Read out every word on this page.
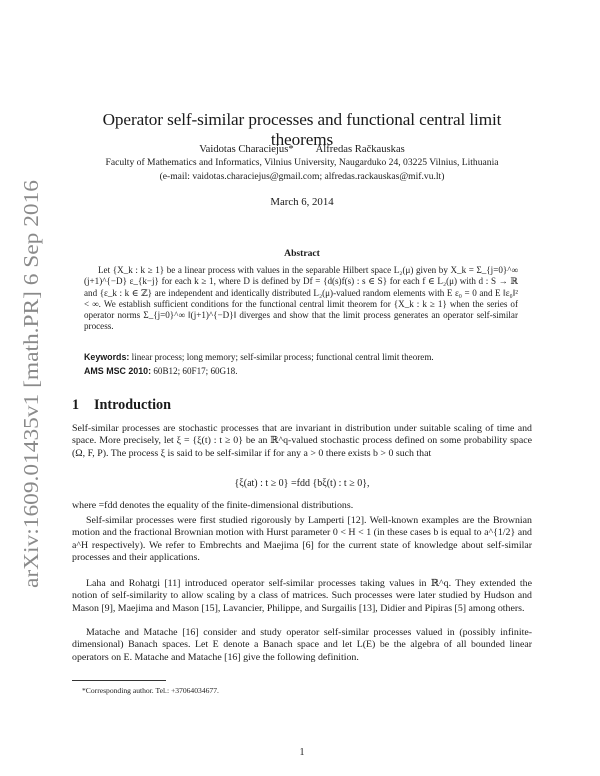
arXiv:1609.01435v1 [math.PR] 6 Sep 2016
Operator self-similar processes and functional central limit theorems
Vaidotas Characiejus* Alfredas Račkauskas
Faculty of Mathematics and Informatics, Vilnius University, Naugarduko 24, 03225 Vilnius, Lithuania
(e-mail: vaidotas.characiejus@gmail.com; alfredas.rackauskas@mif.vu.lt)
March 6, 2014
Abstract
Let {X_k : k ≥ 1} be a linear process with values in the separable Hilbert space L₂(μ) given by X_k = Σ_{j=0}^∞ (j+1)^{−D} ε_{k−j} for each k ≥ 1, where D is defined by Df = {d(s)f(s) : s ∈ S} for each f ∈ L₂(μ) with d : S → ℝ and {ε_k : k ∈ ℤ} are independent and identically distributed L₂(μ)-valued random elements with E ε₀ = 0 and E ‖ε₀‖² < ∞. We establish sufficient conditions for the functional central limit theorem for {X_k : k ≥ 1} when the series of operator norms Σ_{j=0}^∞ ‖(j+1)^{−D}‖ diverges and show that the limit process generates an operator self-similar process.
Keywords: linear process; long memory; self-similar process; functional central limit theorem.
AMS MSC 2010: 60B12; 60F17; 60G18.
1 Introduction
Self-similar processes are stochastic processes that are invariant in distribution under suitable scaling of time and space. More precisely, let ξ = {ξ(t) : t ≥ 0} be an ℝ^q-valued stochastic process defined on some probability space (Ω, F, P). The process ξ is said to be self-similar if for any a > 0 there exists b > 0 such that
{ξ(at) : t ≥ 0} =fdd {bξ(t) : t ≥ 0},
where =fdd denotes the equality of the finite-dimensional distributions.
Self-similar processes were first studied rigorously by Lamperti [12]. Well-known examples are the Brownian motion and the fractional Brownian motion with Hurst parameter 0 < H < 1 (in these cases b is equal to a^{1/2} and a^H respectively). We refer to Embrechts and Maejima [6] for the current state of knowledge about self-similar processes and their applications.
Laha and Rohatgi [11] introduced operator self-similar processes taking values in ℝ^q. They extended the notion of self-similarity to allow scaling by a class of matrices. Such processes were later studied by Hudson and Mason [9], Maejima and Mason [15], Lavancier, Philippe, and Surgailis [13], Didier and Pipiras [5] among others.
Matache and Matache [16] consider and study operator self-similar processes valued in (possibly infinite-dimensional) Banach spaces. Let E denote a Banach space and let L(E) be the algebra of all bounded linear operators on E. Matache and Matache [16] give the following definition.
*Corresponding author. Tel.: +37064034677.
1
